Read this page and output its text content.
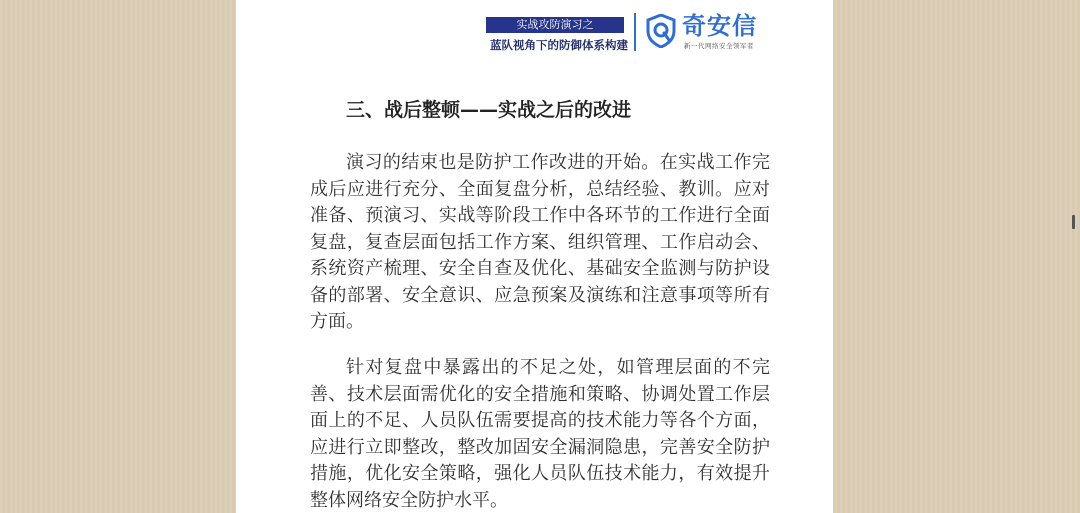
实战攻防演习之
蓝队视角下的防御体系构建
奇安信
新一代网络安全领军者
三、战后整顿——实战之后的改进

演习的结束也是防护工作改进的开始。在实战工作完成后应进行充分、全面复盘分析，总结经验、教训。应对准备、预演习、实战等阶段工作中各环节的工作进行全面复盘，复查层面包括工作方案、组织管理、工作启动会、系统资产梳理、安全自查及优化、基础安全监测与防护设备的部署、安全意识、应急预案及演练和注意事项等所有方面。

针对复盘中暴露出的不足之处，如管理层面的不完善、技术层面需优化的安全措施和策略、协调处置工作层面上的不足、人员队伍需要提高的技术能力等各个方面，应进行立即整改，整改加固安全漏洞隐患，完善安全防护措施，优化安全策略，强化人员队伍技术能力，有效提升整体网络安全防护水平。
